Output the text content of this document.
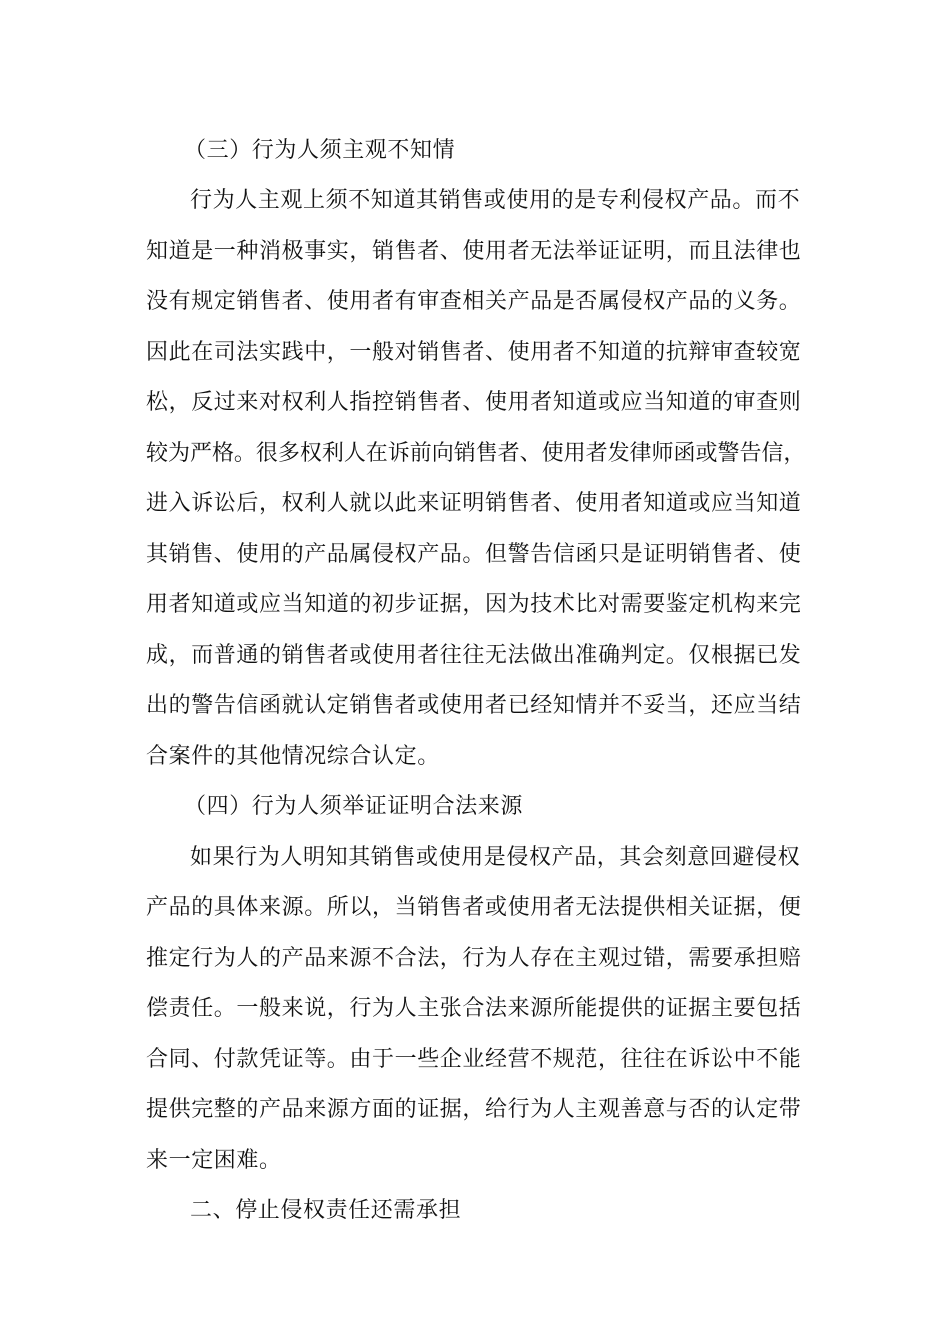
（三）行为人须主观不知情
行为人主观上须不知道其销售或使用的是专利侵权产品。而不
知道是一种消极事实，销售者、使用者无法举证证明，而且法律也
没有规定销售者、使用者有审查相关产品是否属侵权产品的义务。
因此在司法实践中，一般对销售者、使用者不知道的抗辩审查较宽
松，反过来对权利人指控销售者、使用者知道或应当知道的审查则
较为严格。很多权利人在诉前向销售者、使用者发律师函或警告信，
进入诉讼后，权利人就以此来证明销售者、使用者知道或应当知道
其销售、使用的产品属侵权产品。但警告信函只是证明销售者、使
用者知道或应当知道的初步证据，因为技术比对需要鉴定机构来完
成，而普通的销售者或使用者往往无法做出准确判定。仅根据已发
出的警告信函就认定销售者或使用者已经知情并不妥当，还应当结
合案件的其他情况综合认定。
（四）行为人须举证证明合法来源
如果行为人明知其销售或使用是侵权产品，其会刻意回避侵权
产品的具体来源。所以，当销售者或使用者无法提供相关证据，便
推定行为人的产品来源不合法，行为人存在主观过错，需要承担赔
偿责任。一般来说，行为人主张合法来源所能提供的证据主要包括
合同、付款凭证等。由于一些企业经营不规范，往往在诉讼中不能
提供完整的产品来源方面的证据，给行为人主观善意与否的认定带
来一定困难。
二、停止侵权责任还需承担
